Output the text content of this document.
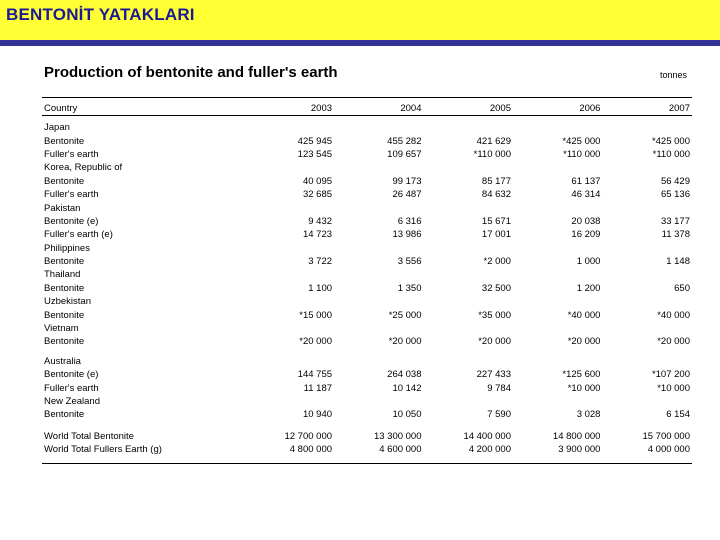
BENTONİT YATAKLARI
Production of bentonite and fuller's earth	tonnes
Country	2003	2004	2005	2006	2007

Japan					
Bentonite	425 945	455 282	421 629	*425 000	*425 000
Fuller's earth	123 545	109 657	*110 000	*110 000	*110 000
Korea, Republic of					
Bentonite	40 095	99 173	85 177	61 137	56 429
Fuller's earth	32 685	26 487	84 632	46 314	65 136
Pakistan					
Bentonite (e)	9 432	6 316	15 671	20 038	33 177
Fuller's earth (e)	14 723	13 986	17 001	16 209	11 378
Philippines					
Bentonite	3 722	3 556	*2 000	1 000	1 148
Thailand					
Bentonite	1 100	1 350	32 500	1 200	650
Uzbekistan					
Bentonite	*15 000	*25 000	*35 000	*40 000	*40 000
Vietnam					
Bentonite	*20 000	*20 000	*20 000	*20 000	*20 000

Australia					
Bentonite (e)	144 755	264 038	227 433	*125 600	*107 200
Fuller's earth	11 187	10 142	9 784	*10 000	*10 000
New Zealand					
Bentonite	10 940	10 050	7 590	3 028	6 154

World Total Bentonite	12 700 000	13 300 000	14 400 000	14 800 000	15 700 000
World Total Fullers Earth (g)	4 800 000	4 600 000	4 200 000	3 900 000	4 000 000
